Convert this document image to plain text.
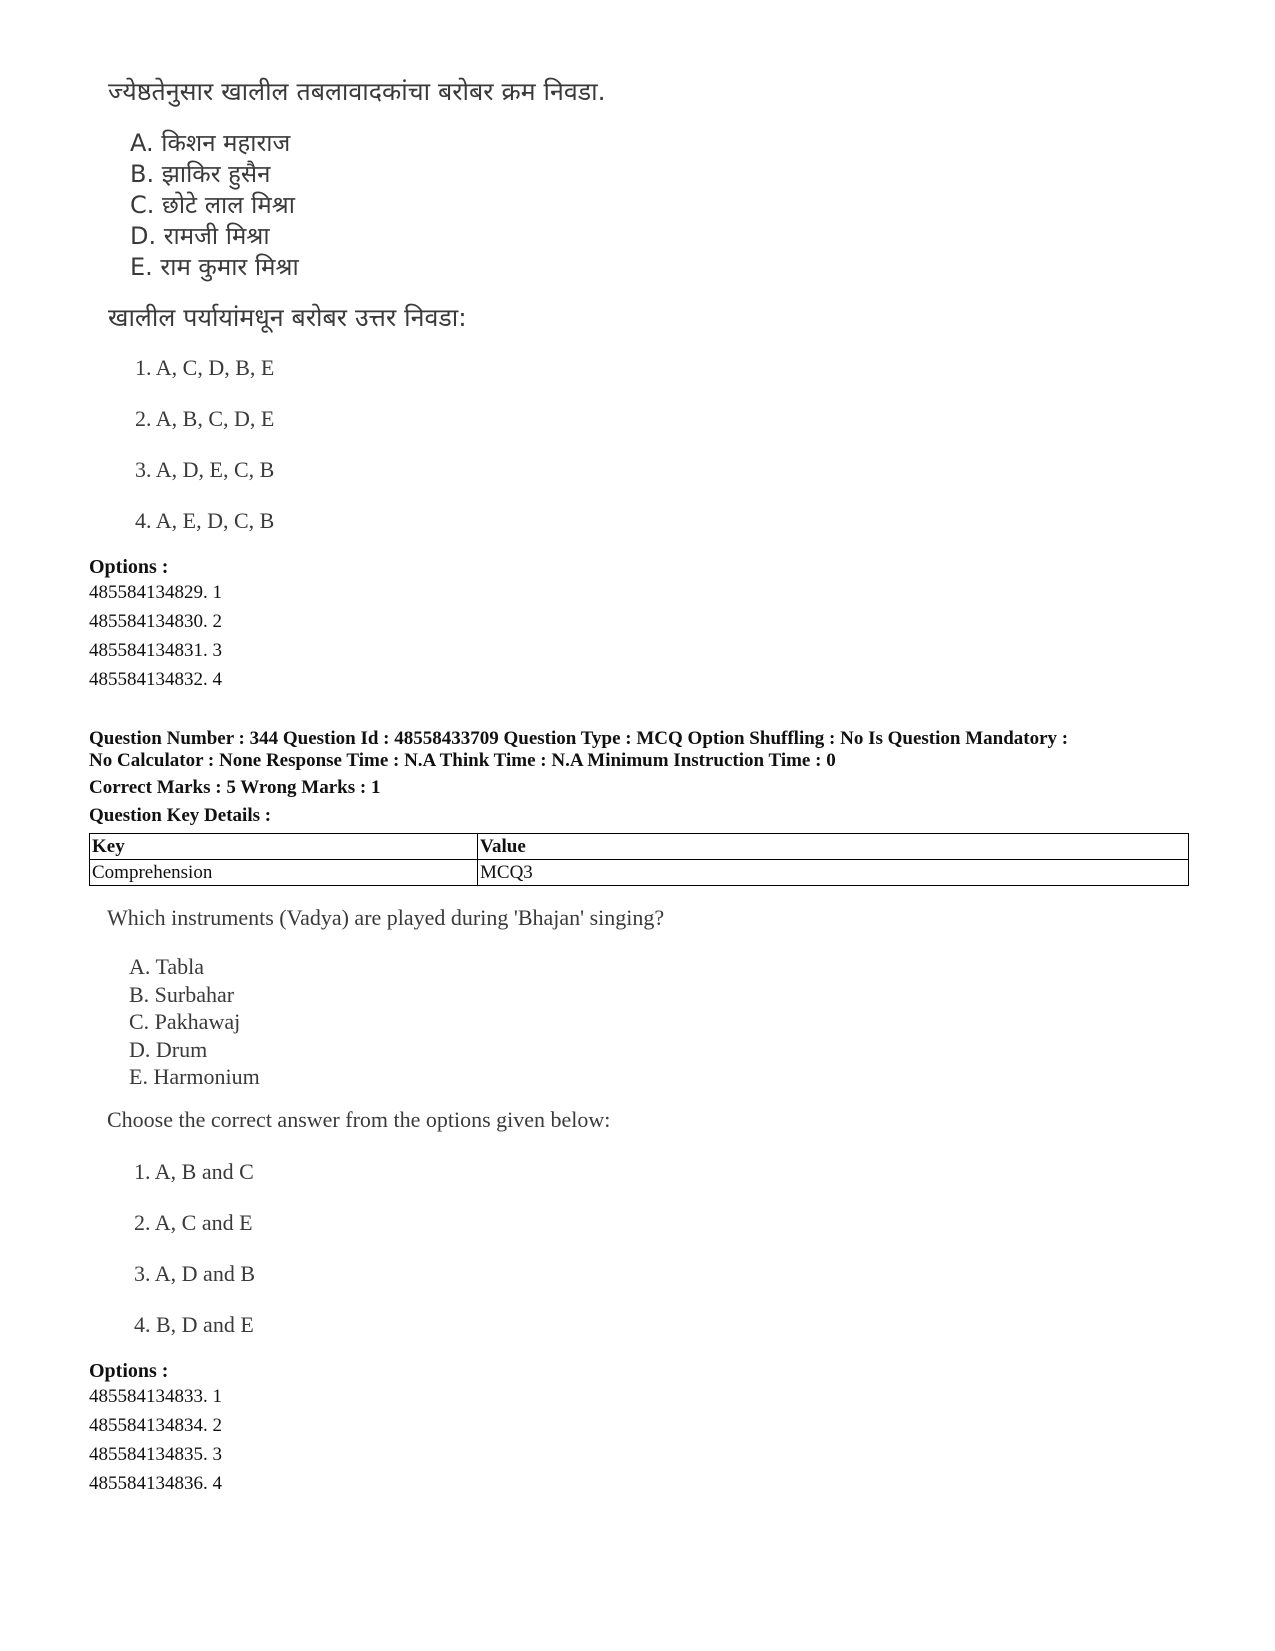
ज्येष्ठतेनुसार खालील तबलावादकांचा बरोबर क्रम निवडा.
A. किशन महाराज
B. झाकिर हुसैन
C. छोटे लाल मिश्रा
D. रामजी मिश्रा
E. राम कुमार मिश्रा
खालील पर्यायांमधून बरोबर उत्तर निवडा:
1. A, C, D, B, E
2. A, B, C, D, E
3. A, D, E, C, B
4. A, E, D, C, B
Options :
485584134829. 1
485584134830. 2
485584134831. 3
485584134832. 4
Question Number : 344 Question Id : 48558433709 Question Type : MCQ Option Shuffling : No Is Question Mandatory :
No Calculator : None Response Time : N.A Think Time : N.A Minimum Instruction Time : 0
Correct Marks : 5 Wrong Marks : 1
Question Key Details :
Key	Value
Comprehension	MCQ3
Which instruments (Vadya) are played during 'Bhajan' singing?
A. Tabla
B. Surbahar
C. Pakhawaj
D. Drum
E. Harmonium
Choose the correct answer from the options given below:
1. A, B and C
2. A, C and E
3. A, D and B
4. B, D and E
Options :
485584134833. 1
485584134834. 2
485584134835. 3
485584134836. 4
